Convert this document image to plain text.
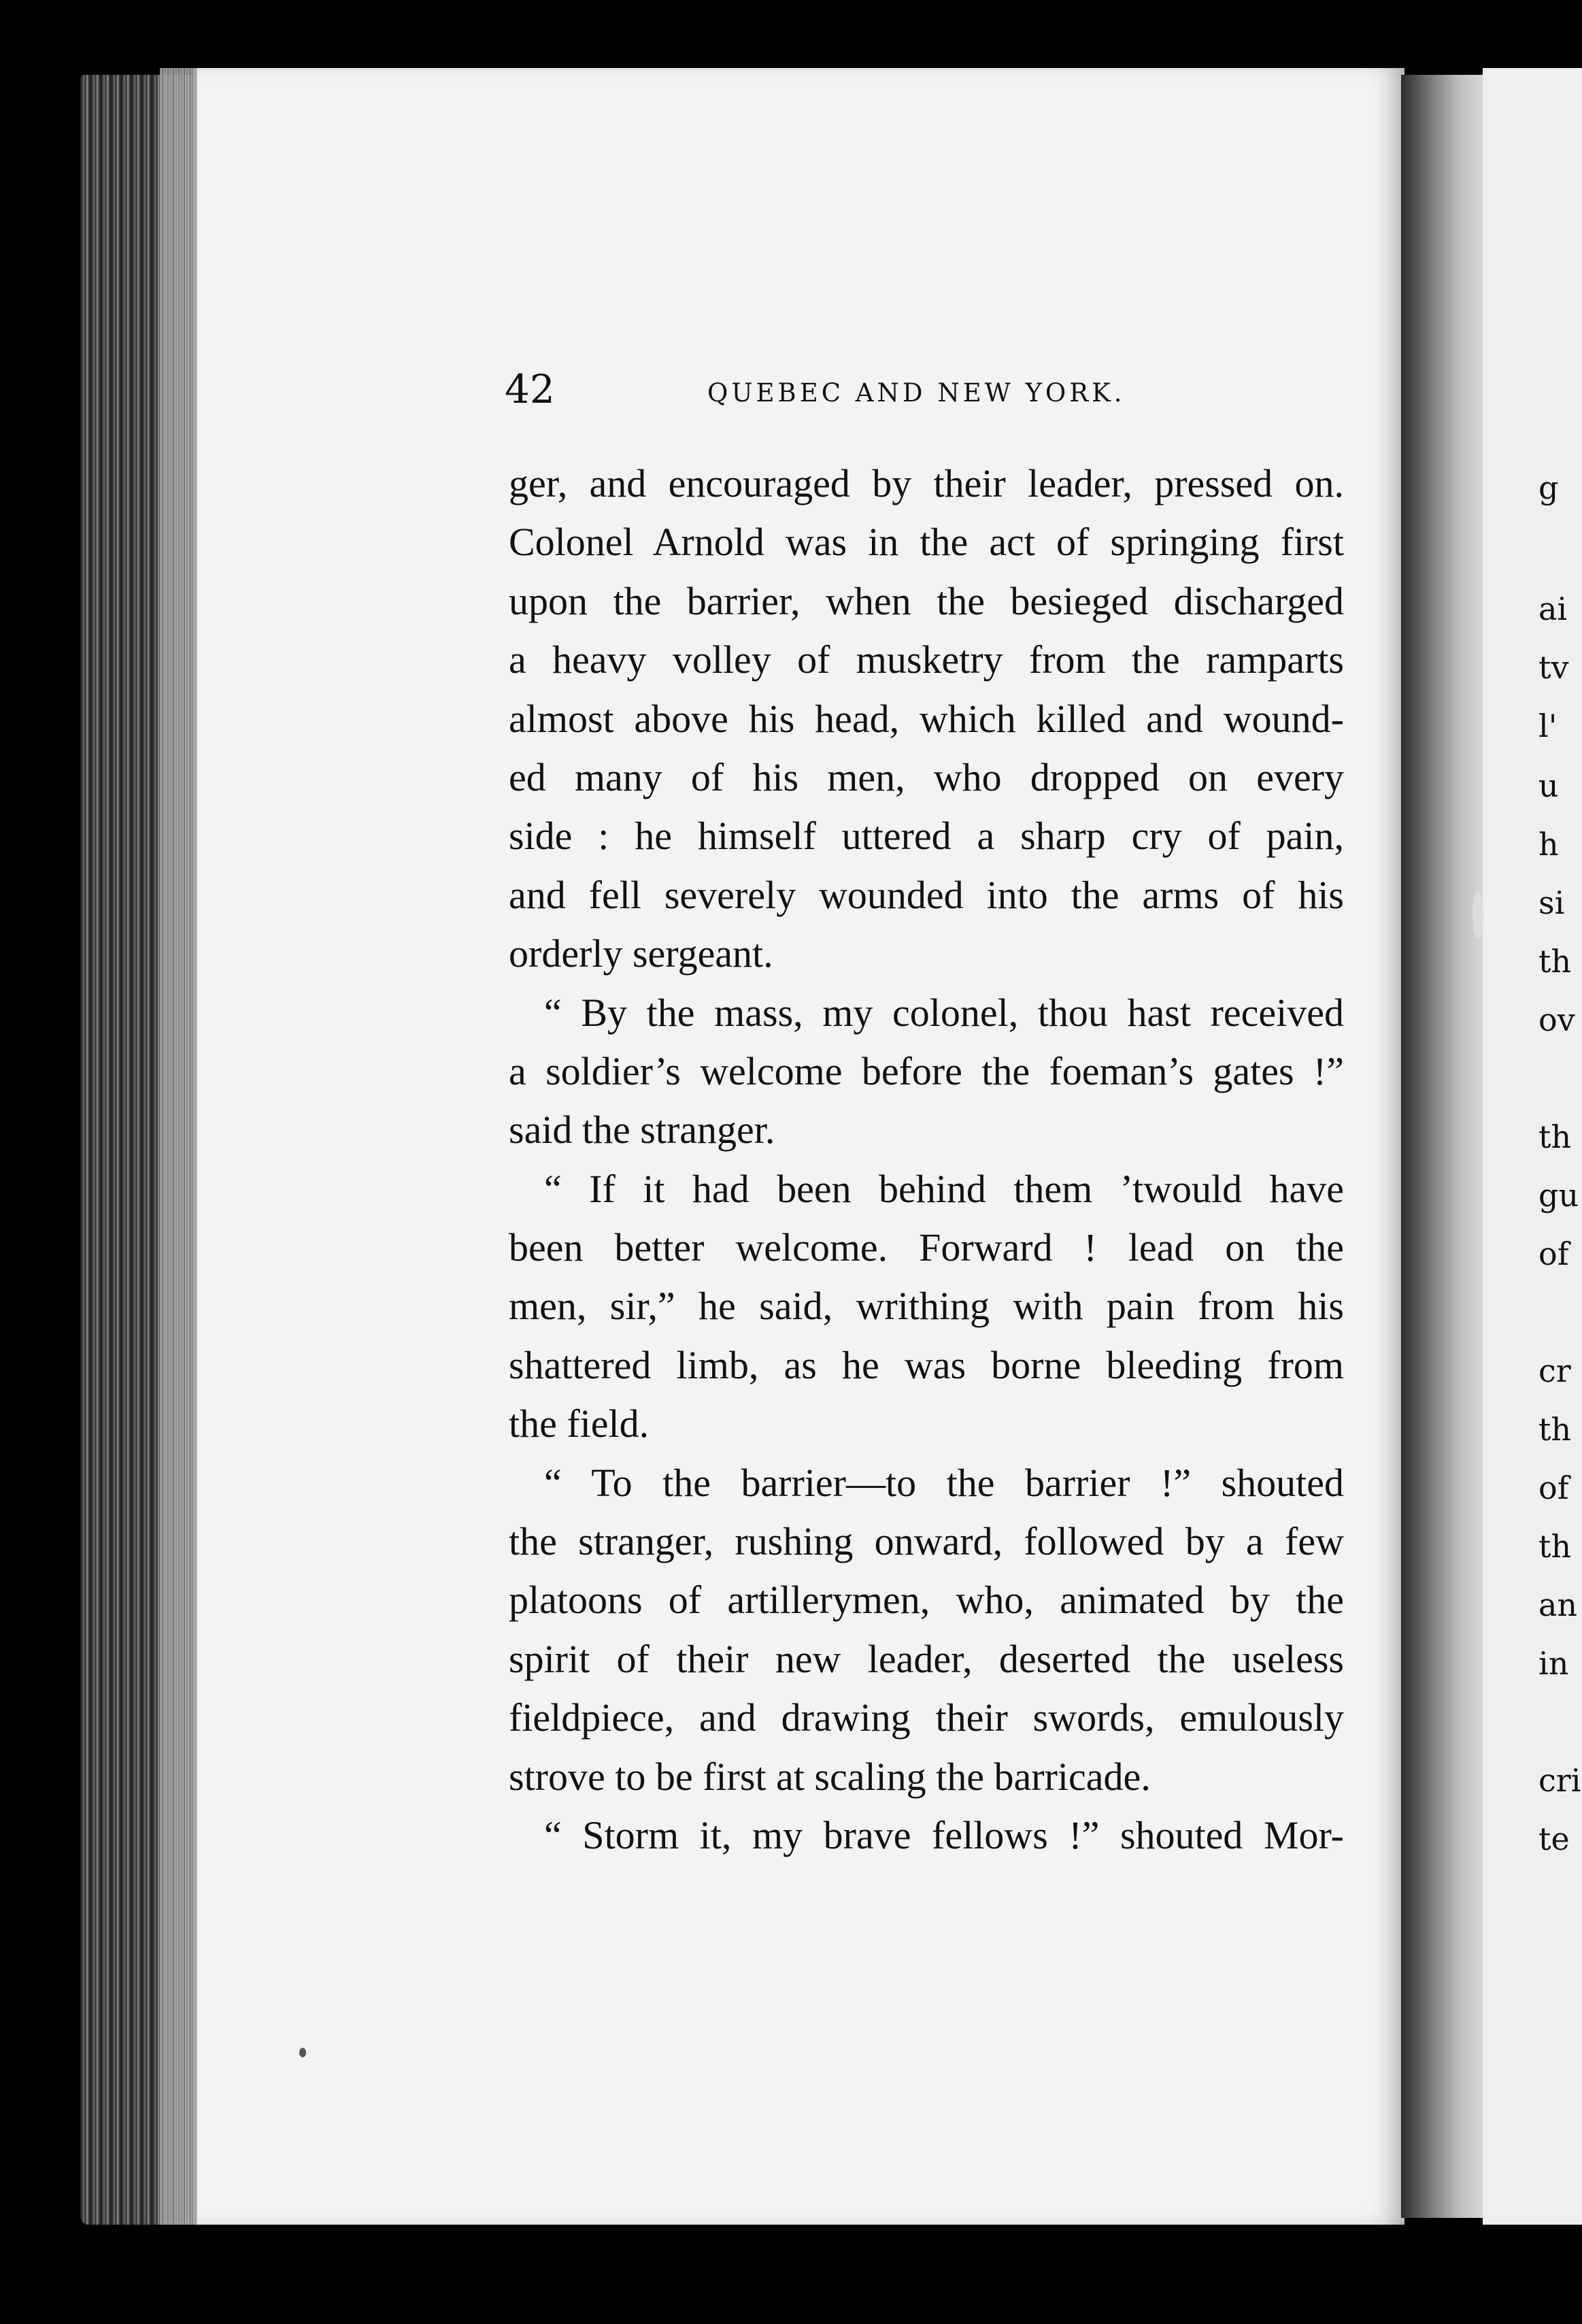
42	QUEBEC AND NEW YORK.
ger, and encouraged by their leader, pressed on.
Colonel Arnold was in the act of springing first
upon the barrier, when the besieged discharged
a heavy volley of musketry from the ramparts
almost above his head, which killed and wound-
ed many of his men, who dropped on every
side : he himself uttered a sharp cry of pain,
and fell severely wounded into the arms of his
orderly sergeant.
“ By the mass, my colonel, thou hast received
a soldier’s welcome before the foeman’s gates !”
said the stranger.
“ If it had been behind them ’twould have
been better welcome. Forward ! lead on the
men, sir,” he said, writhing with pain from his
shattered limb, as he was borne bleeding from
the field.
“ To the barrier—to the barrier !” shouted
the stranger, rushing onward, followed by a few
platoons of artillerymen, who, animated by the
spirit of their new leader, deserted the useless
fieldpiece, and drawing their swords, emulously
strove to be first at scaling the barricade.
“ Storm it, my brave fellows !” shouted Mor-
g
ai
tv
l'
u
h
si
th
ov
th
gu
of
cr
th
of
th
an
in
cri
te
